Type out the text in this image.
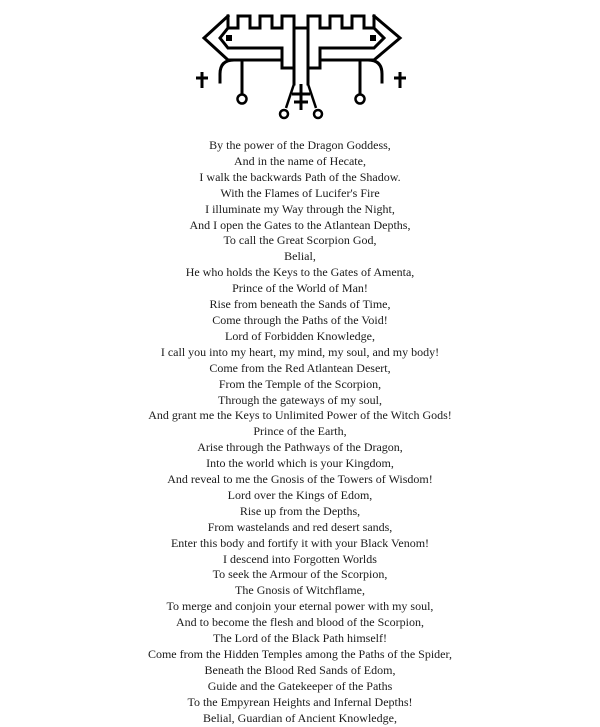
By the power of the Dragon Goddess,
And in the name of Hecate,
I walk the backwards Path of the Shadow.
With the Flames of Lucifer's Fire
I illuminate my Way through the Night,
And I open the Gates to the Atlantean Depths,
To call the Great Scorpion God,
Belial,
He who holds the Keys to the Gates of Amenta,
Prince of the World of Man!
Rise from beneath the Sands of Time,
Come through the Paths of the Void!
Lord of Forbidden Knowledge,
I call you into my heart, my mind, my soul, and my body!
Come from the Red Atlantean Desert,
From the Temple of the Scorpion,
Through the gateways of my soul,
And grant me the Keys to Unlimited Power of the Witch Gods!
Prince of the Earth,
Arise through the Pathways of the Dragon,
Into the world which is your Kingdom,
And reveal to me the Gnosis of the Towers of Wisdom!
Lord over the Kings of Edom,
Rise up from the Depths,
From wastelands and red desert sands,
Enter this body and fortify it with your Black Venom!
I descend into Forgotten Worlds
To seek the Armour of the Scorpion,
The Gnosis of Witchflame,
To merge and conjoin your eternal power with my soul,
And to become the flesh and blood of the Scorpion,
The Lord of the Black Path himself!
Come from the Hidden Temples among the Paths of the Spider,
Beneath the Blood Red Sands of Edom,
Guide and the Gatekeeper of the Paths
To the Empyrean Heights and Infernal Depths!
Belial, Guardian of Ancient Knowledge,
